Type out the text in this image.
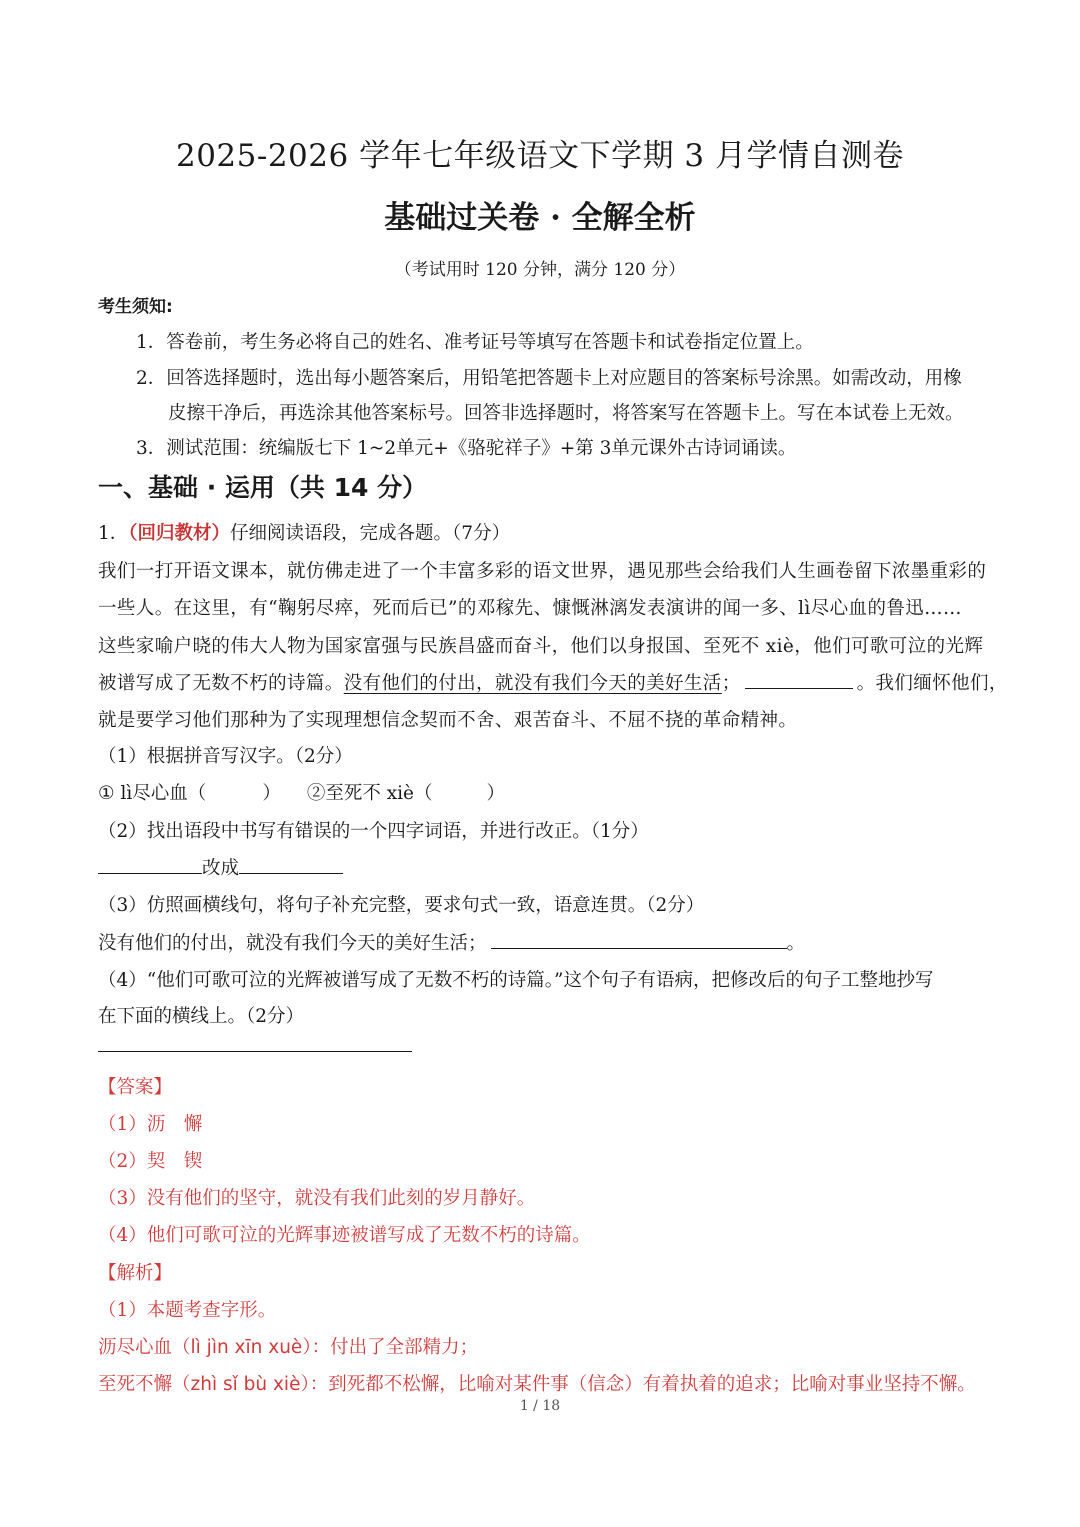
2025-2026 学年七年级语文下学期 3 月学情自测卷
基础过关卷 · 全解全析
（考试用时 120 分钟，满分 120 分）
考生须知:
1．答卷前，考生务必将自己的姓名、准考证号等填写在答题卡和试卷指定位置上。
2．回答选择题时，选出每小题答案后，用铅笔把答题卡上对应题目的答案标号涂黑。如需改动，用橡
皮擦干净后，再选涂其他答案标号。回答非选择题时，将答案写在答题卡上。写在本试卷上无效。
3．测试范围：统编版七下 1~2单元+《骆驼祥子》+第 3单元课外古诗词诵读。
一、基础 · 运用（共 14 分）
1．（回归教材）仔细阅读语段，完成各题。（7分）
我们一打开语文课本，就仿佛走进了一个丰富多彩的语文世界，遇见那些会给我们人生画卷留下浓墨重彩的
一些人。在这里，有“鞠躬尽瘁，死而后已”的邓稼先、慷慨淋漓发表演讲的闻一多、lì尽心血的鲁迅……
这些家喻户晓的伟大人物为国家富强与民族昌盛而奋斗，他们以身报国、至死不 xiè，他们可歌可泣的光辉
被谱写成了无数不朽的诗篇。没有他们的付出，就没有我们今天的美好生活；	。我们缅怀他们，
就是要学习他们那种为了实现理想信念契而不舍、艰苦奋斗、不屈不挠的革命精神。
（1）根据拼音写汉字。（2分）
① lì尽心血（	） ②至死不 xiè（	）
（2）找出语段中书写有错误的一个四字词语，并进行改正。（1分）
改成
（3）仿照画横线句，将句子补充完整，要求句式一致，语意连贯。（2分）
没有他们的付出，就没有我们今天的美好生活；	。
（4）“他们可歌可泣的光辉被谱写成了无数不朽的诗篇。”这个句子有语病，把修改后的句子工整地抄写
在下面的横线上。（2分）
【答案】
（1）沥　懈
（2）契　锲
（3）没有他们的坚守，就没有我们此刻的岁月静好。
（4）他们可歌可泣的光辉事迹被谱写成了无数不朽的诗篇。
【解析】
（1）本题考查字形。
沥尽心血（lì jìn xīn xuè）：付出了全部精力；
至死不懈（zhì sǐ bù xiè）：到死都不松懈，比喻对某件事（信念）有着执着的追求；比喻对事业坚持不懈。
1 / 18
